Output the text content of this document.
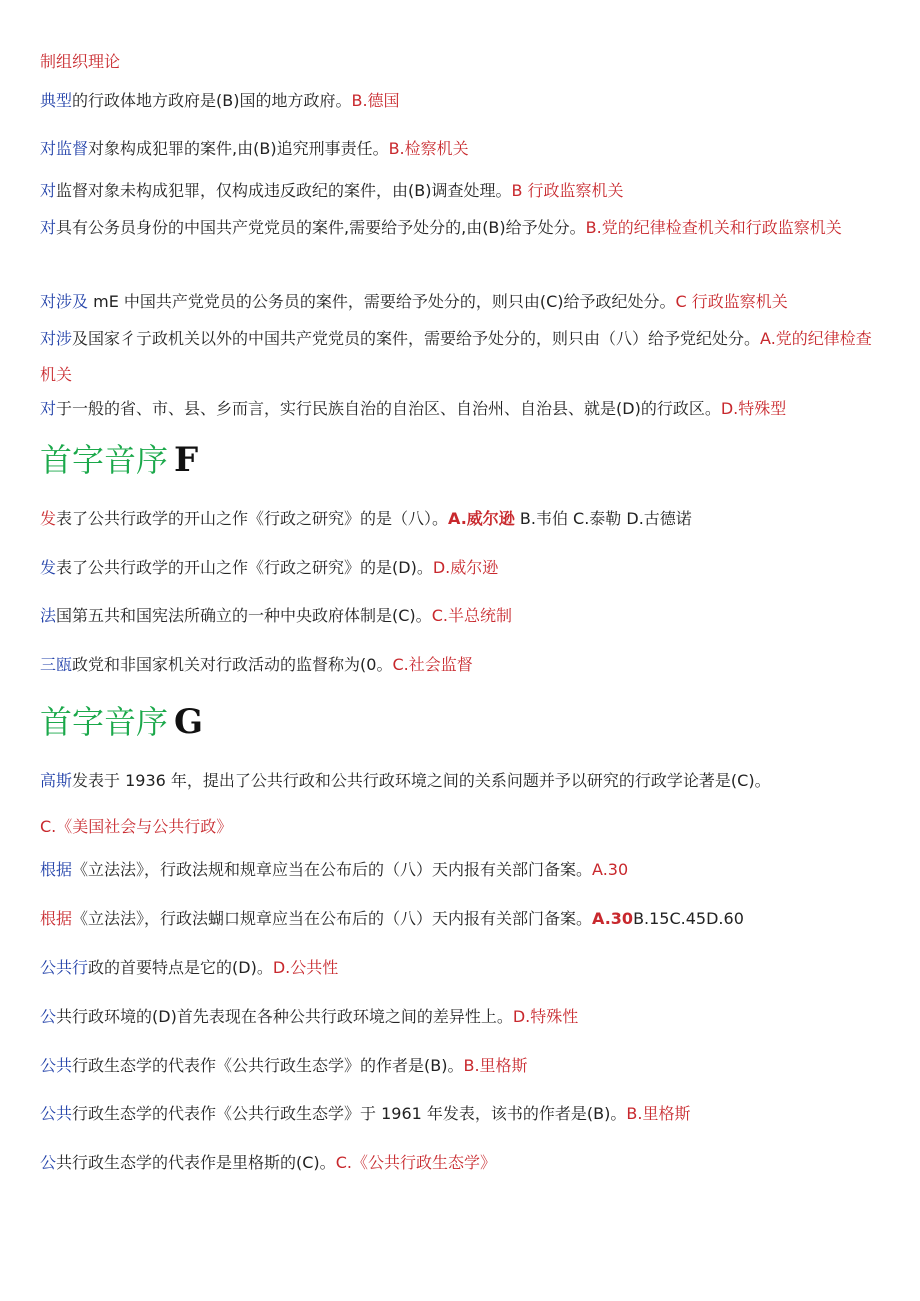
制组织理论
典型的行政体地方政府是(B)国的地方政府。B.德国
对监督对象构成犯罪的案件,由(B)追究刑事责任。B.检察机关
对监督对象未构成犯罪，仅构成违反政纪的案件，由(B)调查处理。B 行政监察机关
对具有公务员身份的中国共产党党员的案件,需要给予处分的,由(B)给予处分。B.党的纪律检查机关和行政监察机关
对涉及 mE 中国共产党党员的公务员的案件，需要给予处分的，则只由(C)给予政纪处分。C 行政监察机关
对涉及国家彳亍政机关以外的中国共产党党员的案件，需要给予处分的，则只由（八）给予党纪处分。A.党的纪律检查机关
对于一般的省、市、县、乡而言，实行民族自治的自治区、自治州、自治县、就是(D)的行政区。D.特殊型
首字音序 F
发表了公共行政学的开山之作《行政之研究》的是（八）。A.威尔逊 B.韦伯 C.泰勒 D.古德诺
发表了公共行政学的开山之作《行政之研究》的是(D)。D.威尔逊
法国第五共和国宪法所确立的一种中央政府体制是(C)。C.半总统制
三瓯政党和非国家机关对行政活动的监督称为(0。C.社会监督
首字音序 G
高斯发表于 1936 年，提出了公共行政和公共行政环境之间的关系问题并予以研究的行政学论著是(C)。
C.《美国社会与公共行政》
根据《立法法》，行政法规和规章应当在公布后的（八）天内报有关部门备案。A.30
根据《立法法》，行政法蝴口规章应当在公布后的（八）天内报有关部门备案。A.30B.15C.45D.60
公共行政的首要特点是它的(D)。D.公共性
公共行政环境的(D)首先表现在各种公共行政环境之间的差异性上。D.特殊性
公共行政生态学的代表作《公共行政生态学》的作者是(B)。B.里格斯
公共行政生态学的代表作《公共行政生态学》于 1961 年发表，该书的作者是(B)。B.里格斯
公共行政生态学的代表作是里格斯的(C)。C.《公共行政生态学》
